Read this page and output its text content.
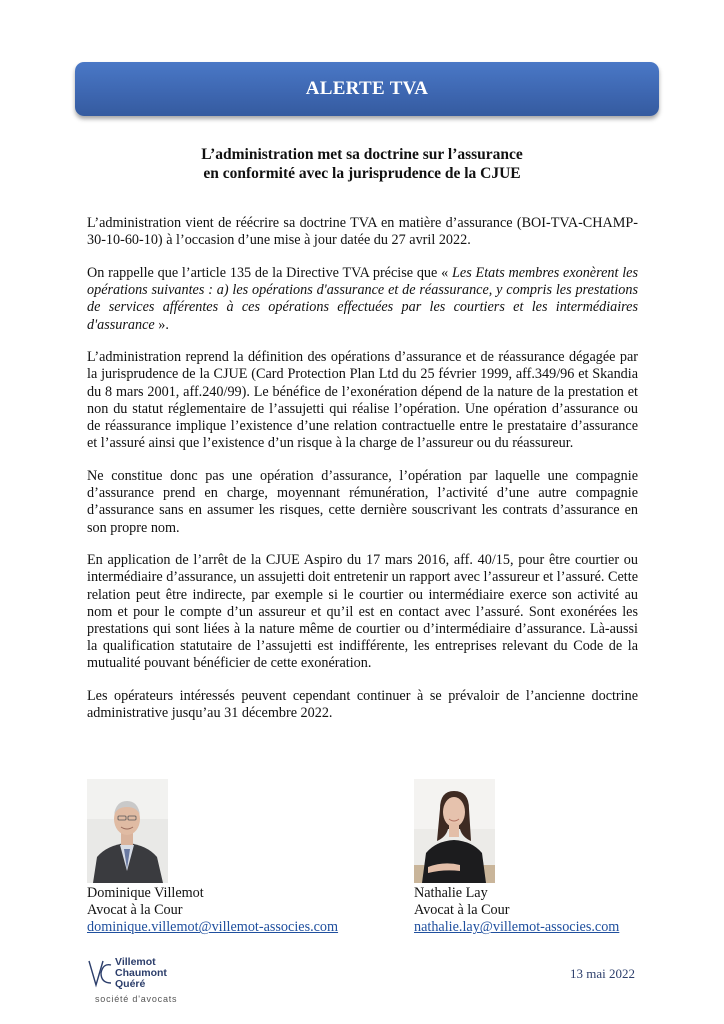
ALERTE TVA
L’administration met sa doctrine sur l’assurance
en conformité avec la jurisprudence de la CJUE

L’administration vient de réécrire sa doctrine TVA en matière d’assurance (BOI-TVA-CHAMP-30-10-60-10) à l’occasion d’une mise à jour datée du 27 avril 2022.

On rappelle que l’article 135 de la Directive TVA précise que « Les Etats membres exonèrent les opérations suivantes : a) les opérations d'assurance et de réassurance, y compris les prestations de services afférentes à ces opérations effectuées par les courtiers et les intermédiaires d'assurance ».

L’administration reprend la définition des opérations d’assurance et de réassurance dégagée par la jurisprudence de la CJUE (Card Protection Plan Ltd du 25 février 1999, aff.349/96 et Skandia du 8 mars 2001, aff.240/99). Le bénéfice de l’exonération dépend de la nature de la prestation et non du statut réglementaire de l’assujetti qui réalise l’opération. Une opération d’assurance ou de réassurance implique l’existence d’une relation contractuelle entre le prestataire d’assurance et l’assuré ainsi que l’existence d’un risque à la charge de l’assureur ou du réassureur.

Ne constitue donc pas une opération d’assurance, l’opération par laquelle une compagnie d’assurance prend en charge, moyennant rémunération, l’activité d’une autre compagnie d’assurance sans en assumer les risques, cette dernière souscrivant les contrats d’assurance en son propre nom.

En application de l’arrêt de la CJUE Aspiro du 17 mars 2016, aff. 40/15, pour être courtier ou intermédiaire d’assurance, un assujetti doit entretenir un rapport avec l’assureur et l’assuré. Cette relation peut être indirecte, par exemple si le courtier ou intermédiaire exerce son activité au nom et pour le compte d’un assureur et qu’il est en contact avec l’assuré. Sont exonérées les prestations qui sont liées à la nature même de courtier ou d’intermédiaire d’assurance. Là-aussi la qualification statutaire de l’assujetti est indifférente, les entreprises relevant du Code de la mutualité pouvant bénéficier de cette exonération.

Les opérateurs intéressés peuvent cependant continuer à se prévaloir de l’ancienne doctrine administrative jusqu’au 31 décembre 2022.

Dominique Villemot
Avocat à la Cour
dominique.villemot@villemot-associes.com
Nathalie Lay
Avocat à la Cour
nathalie.lay@villemot-associes.com
Villemot
Chaumont
Quéré
société d'avocats
13 mai 2022
